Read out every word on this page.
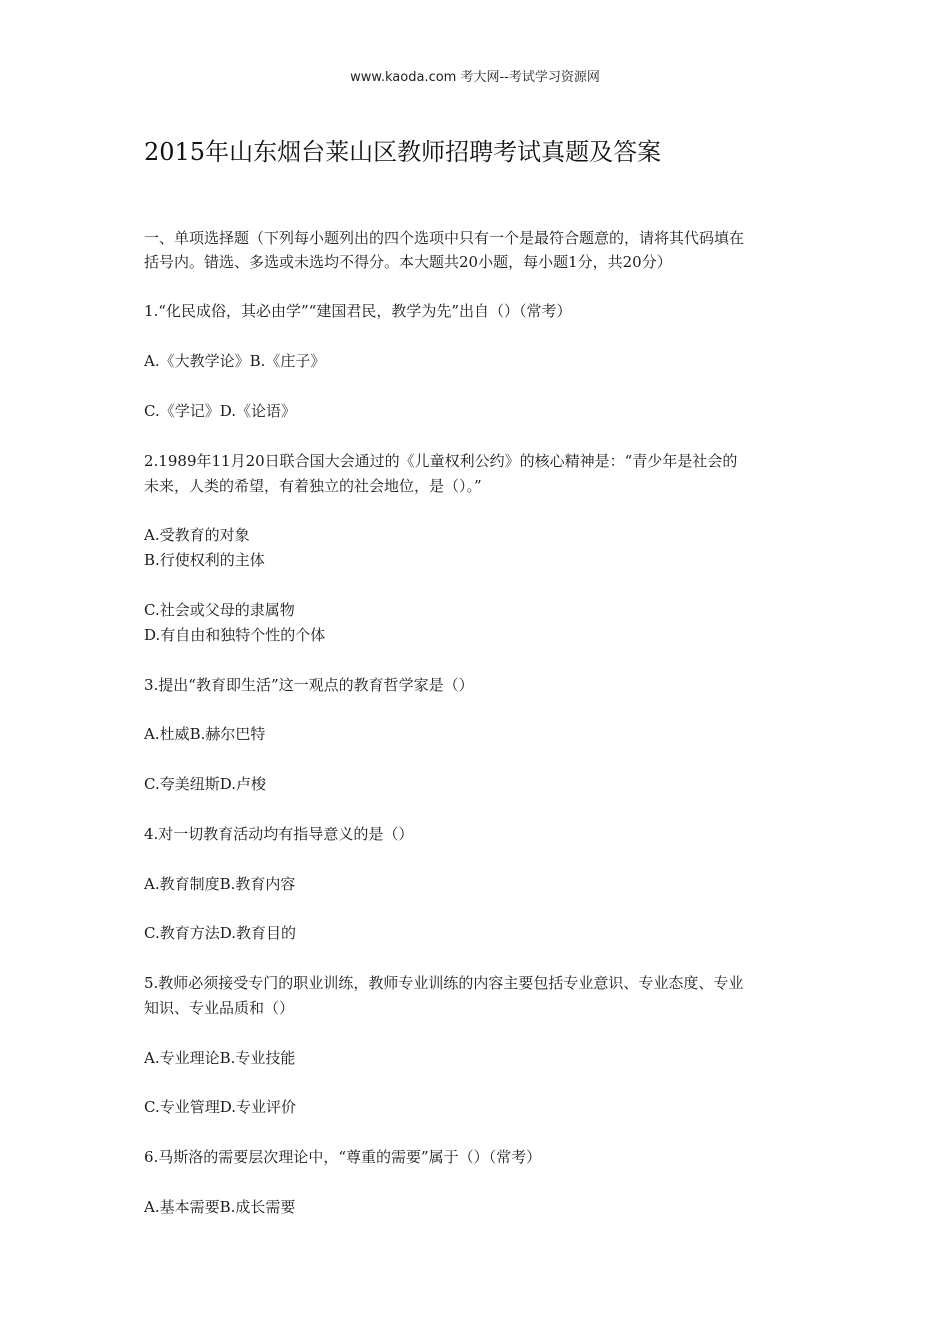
www.kaoda.com 考大网--考试学习资源网
2015年山东烟台莱山区教师招聘考试真题及答案
一、单项选择题（下列每小题列出的四个选项中只有一个是最符合题意的，请将其代码填在
括号内。错选、多选或未选均不得分。本大题共20小题，每小题1分，共20分）
1.“化民成俗，其必由学”“建国君民，教学为先”出自（）（常考）
A.《大教学论》B.《庄子》
C.《学记》D.《论语》
2.1989年11月20日联合国大会通过的《儿童权利公约》的核心精神是：“青少年是社会的
未来，人类的希望，有着独立的社会地位，是（）。”
A.受教育的对象
B.行使权利的主体
C.社会或父母的隶属物
D.有自由和独特个性的个体
3.提出“教育即生活”这一观点的教育哲学家是（）
A.杜威B.赫尔巴特
C.夸美纽斯D.卢梭
4.对一切教育活动均有指导意义的是（）
A.教育制度B.教育内容
C.教育方法D.教育目的
5.教师必须接受专门的职业训练，教师专业训练的内容主要包括专业意识、专业态度、专业
知识、专业品质和（）
A.专业理论B.专业技能
C.专业管理D.专业评价
6.马斯洛的需要层次理论中，“尊重的需要”属于（）（常考）
A.基本需要B.成长需要
